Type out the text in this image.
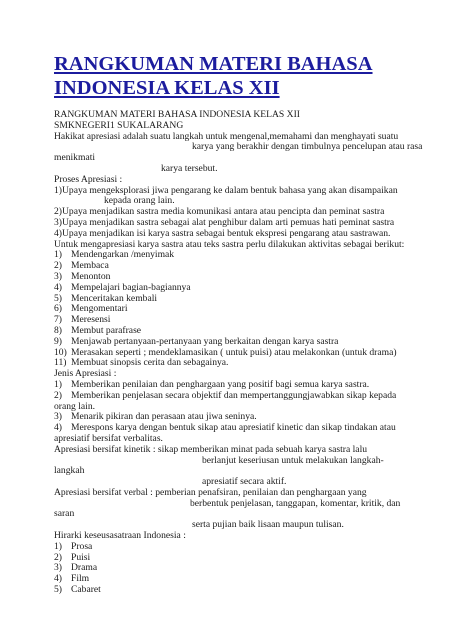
RANGKUMAN MATERI BAHASA
INDONESIA KELAS XII
RANGKUMAN MATERI BAHASA INDONESIA KELAS XII
SMKNEGERI1 SUKALARANG
Hakikat apresiasi adalah suatu langkah untuk mengenal,memahami dan menghayati suatu
karya yang berakhir dengan timbulnya pencelupan atau rasa
menikmati
karya tersebut.
Proses Apresiasi :
1)Upaya mengeksplorasi jiwa pengarang ke dalam bentuk bahasa yang akan disampaikan
kepada orang lain.
2)Upaya menjadikan sastra media komunikasi antara atau pencipta dan peminat sastra
3)Upaya menjadikan sastra sebagai alat penghibur dalam arti pemuas hati peminat sastra
4)Upaya menjadikan isi karya sastra sebagai bentuk ekspresi pengarang atau sastrawan.
Untuk mengapresiasi karya sastra atau teks sastra perlu dilakukan aktivitas sebagai berikut:
1) Mendengarkan /menyimak
2) Membaca
3) Menonton
4) Mempelajari bagian-bagiannya
5) Menceritakan kembali
6) Mengomentari
7) Meresensi
8) Membut parafrase
9) Menjawab pertanyaan-pertanyaan yang berkaitan dengan karya sastra
10) Merasakan seperti ; mendeklamasikan ( untuk puisi) atau melakonkan (untuk drama)
11) Membuat sinopsis cerita dan sebagainya.
Jenis Apresiasi :
1) Memberikan penilaian dan penghargaan yang positif bagi semua karya sastra.
2) Memberikan penjelasan secara objektif dan mempertanggungjawabkan sikap kepada
orang lain.
3) Menarik pikiran dan perasaan atau jiwa seninya.
4) Merespons karya dengan bentuk sikap atau apresiatif kinetic dan sikap tindakan atau
apresiatif bersifat verbalitas.
Apresiasi bersifat kinetik : sikap memberikan minat pada sebuah karya sastra lalu
berlanjut keseriusan untuk melakukan langkah-
langkah
apresiatif secara aktif.
Apresiasi bersifat verbal : pemberian penafsiran, penilaian dan penghargaan yang
berbentuk penjelasan, tanggapan, komentar, kritik, dan
saran
serta pujian baik lisaan maupun tulisan.
Hirarki keseusasatraan Indonesia :
1) Prosa
2) Puisi
3) Drama
4) Film
5) Cabaret
